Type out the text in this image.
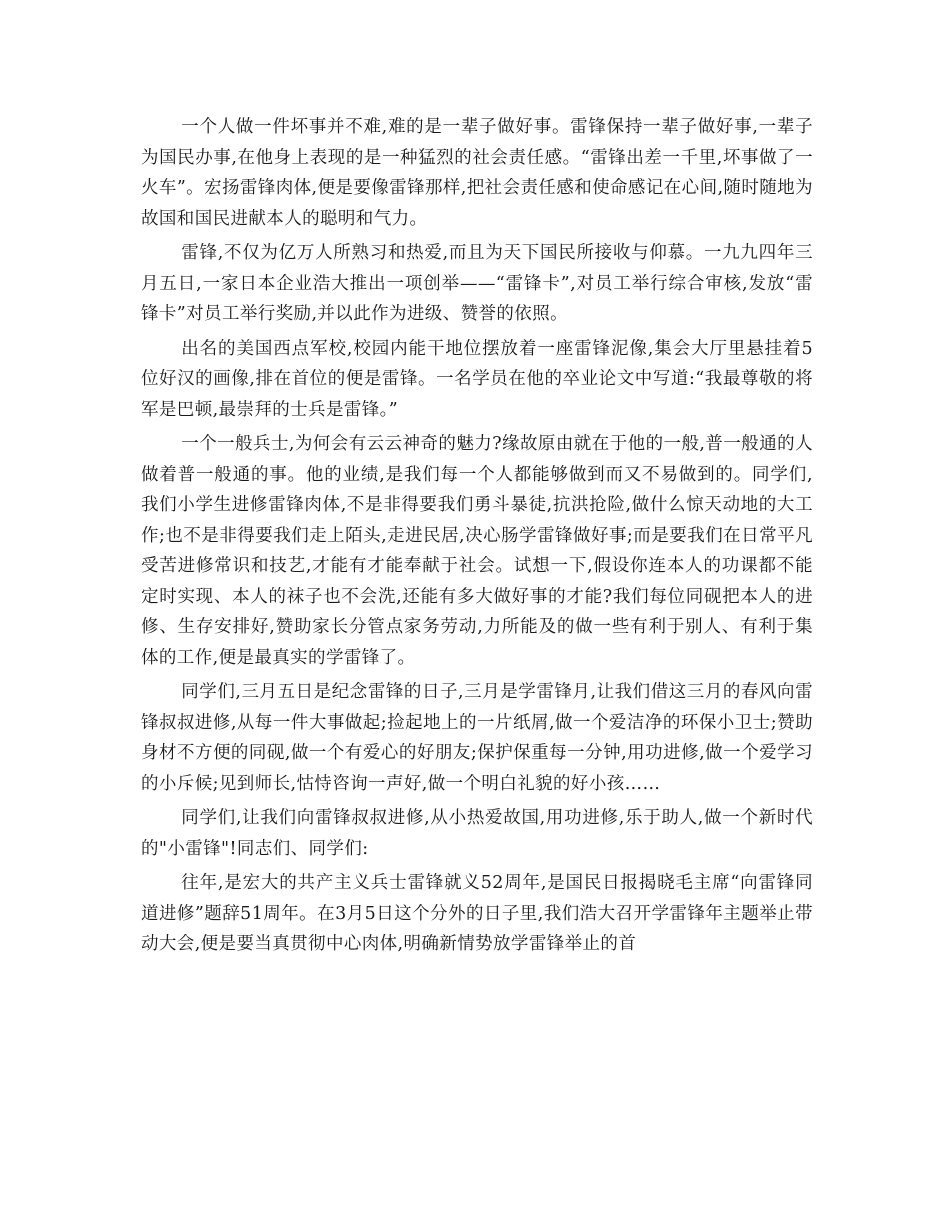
一个人做一件坏事并不难,难的是一辈子做好事。雷锋保持一辈子做好事,一辈子为国民办事,在他身上表现的是一种猛烈的社会责任感。“雷锋出差一千里,坏事做了一火车”。宏扬雷锋肉体,便是要像雷锋那样,把社会责任感和使命感记在心间,随时随地为故国和国民进献本人的聪明和气力。

雷锋,不仅为亿万人所熟习和热爱,而且为天下国民所接收与仰慕。一九九四年三月五日,一家日本企业浩大推出一项创举——“雷锋卡”,对员工举行综合审核,发放“雷锋卡”对员工举行奖励,并以此作为进级、赞誉的依照。

出名的美国西点军校,校园内能干地位摆放着一座雷锋泥像,集会大厅里悬挂着5位好汉的画像,排在首位的便是雷锋。一名学员在他的卒业论文中写道:“我最尊敬的将军是巴顿,最崇拜的士兵是雷锋。”

一个一般兵士,为何会有云云神奇的魅力?缘故原由就在于他的一般,普一般通的人做着普一般通的事。他的业绩,是我们每一个人都能够做到而又不易做到的。同学们,我们小学生进修雷锋肉体,不是非得要我们勇斗暴徒,抗洪抢险,做什么惊天动地的大工作;也不是非得要我们走上陌头,走进民居,决心肠学雷锋做好事;而是要我们在日常平凡受苦进修常识和技艺,才能有才能奉献于社会。试想一下,假设你连本人的功课都不能定时实现、本人的袜子也不会洗,还能有多大做好事的才能?我们每位同砚把本人的进修、生存安排好,赞助家长分管点家务劳动,力所能及的做一些有利于别人、有利于集体的工作,便是最真实的学雷锋了。

同学们,三月五日是纪念雷锋的日子,三月是学雷锋月,让我们借这三月的春风向雷锋叔叔进修,从每一件大事做起;捡起地上的一片纸屑,做一个爱洁净的环保小卫士;赞助身材不方便的同砚,做一个有爱心的好朋友;保护保重每一分钟,用功进修,做一个爱学习的小斥候;见到师长,怙恃咨询一声好,做一个明白礼貌的好小孩……

同学们,让我们向雷锋叔叔进修,从小热爱故国,用功进修,乐于助人,做一个新时代的"小雷锋"!同志们、同学们:

往年,是宏大的共产主义兵士雷锋就义52周年,是国民日报揭晓毛主席“向雷锋同道进修”题辞51周年。在3月5日这个分外的日子里,我们浩大召开学雷锋年主题举止带动大会,便是要当真贯彻中心肉体,明确新情势放学雷锋举止的首
